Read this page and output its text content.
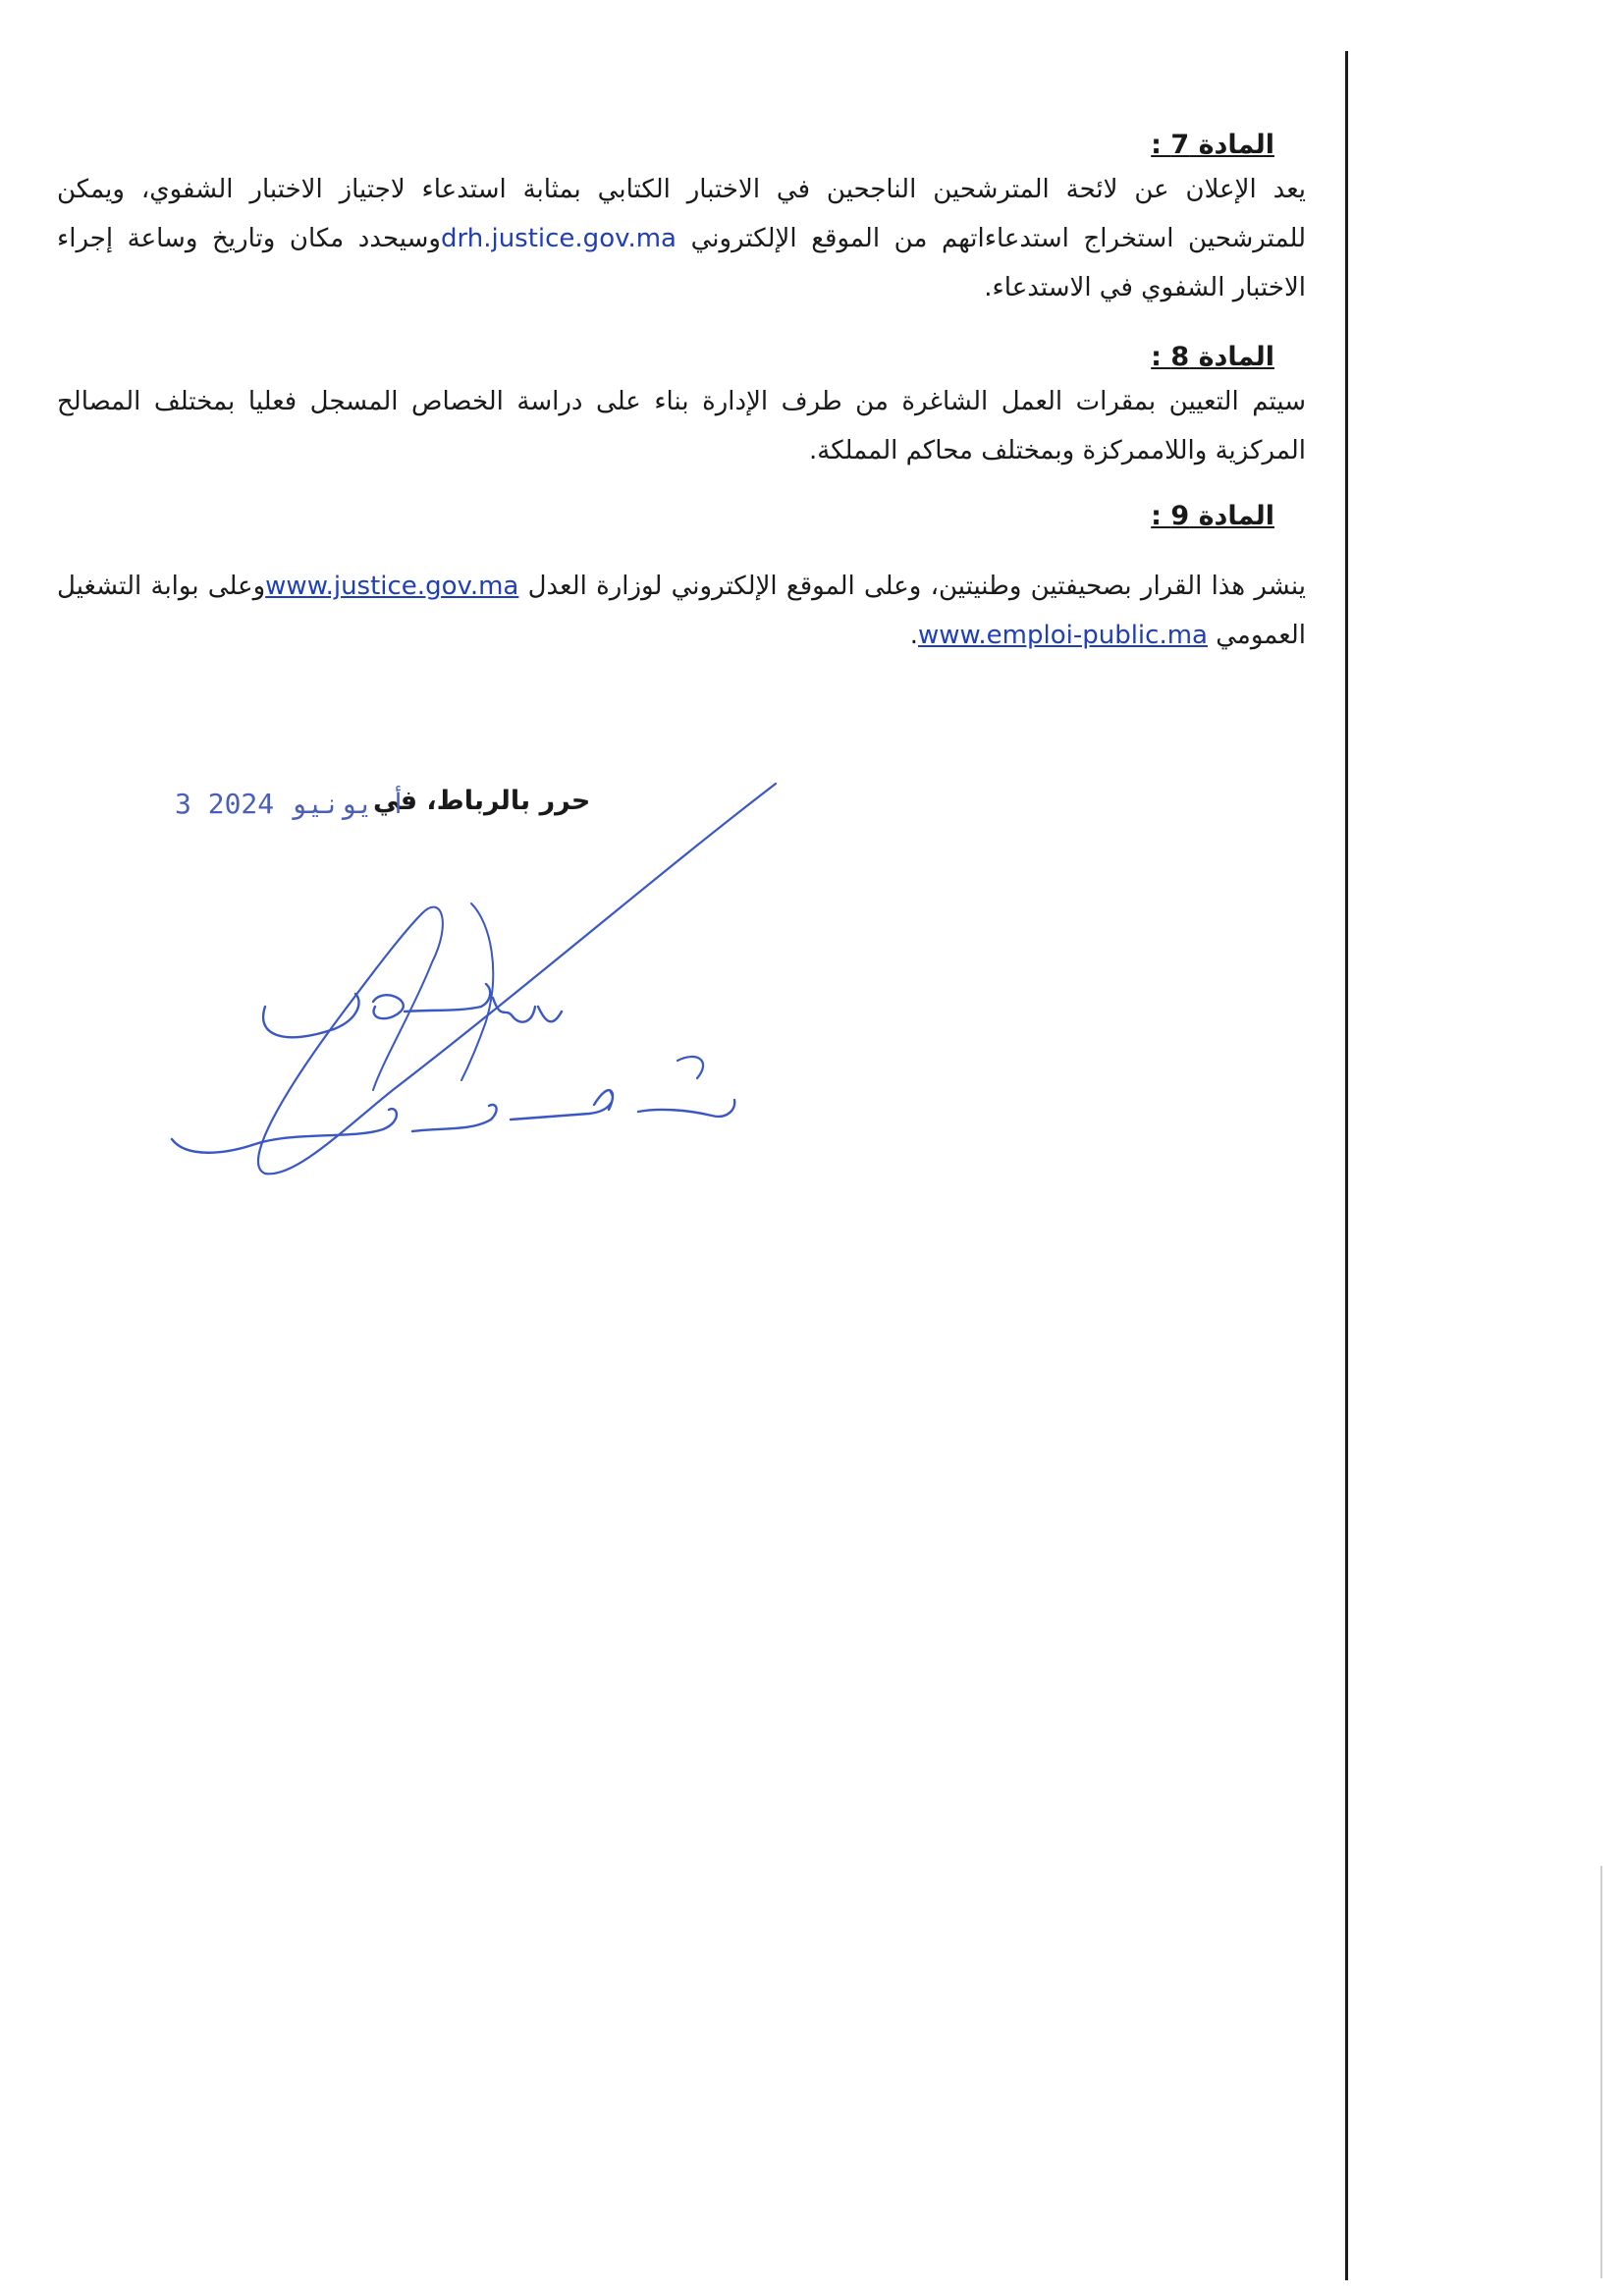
المادة 7 :

يعد الإعلان عن لائحة المترشحين الناجحين في الاختبار الكتابي بمثابة استدعاء لاجتياز الاختبار الشفوي، ويمكن للمترشحين استخراج استدعاءاتهم من الموقع الإلكتروني drh.justice.gov.maوسيحدد مكان وتاريخ وساعة إجراء الاختبار الشفوي في الاستدعاء.

المادة 8 :

سيتم التعيين بمقرات العمل الشاغرة من طرف الإدارة بناء على دراسة الخصاص المسجل فعليا بمختلف المصالح المركزية واللاممركزة وبمختلف محاكم المملكة.

المادة 9 :

ينشر هذا القرار بصحيفتين وطنيتين، وعلى الموقع الإلكتروني لوزارة العدل www.justice.gov.maوعلى بوابة التشغيل العمومي www.emploi-public.ma.

حرر بالرباط، في
3 أ يونيو 2024
